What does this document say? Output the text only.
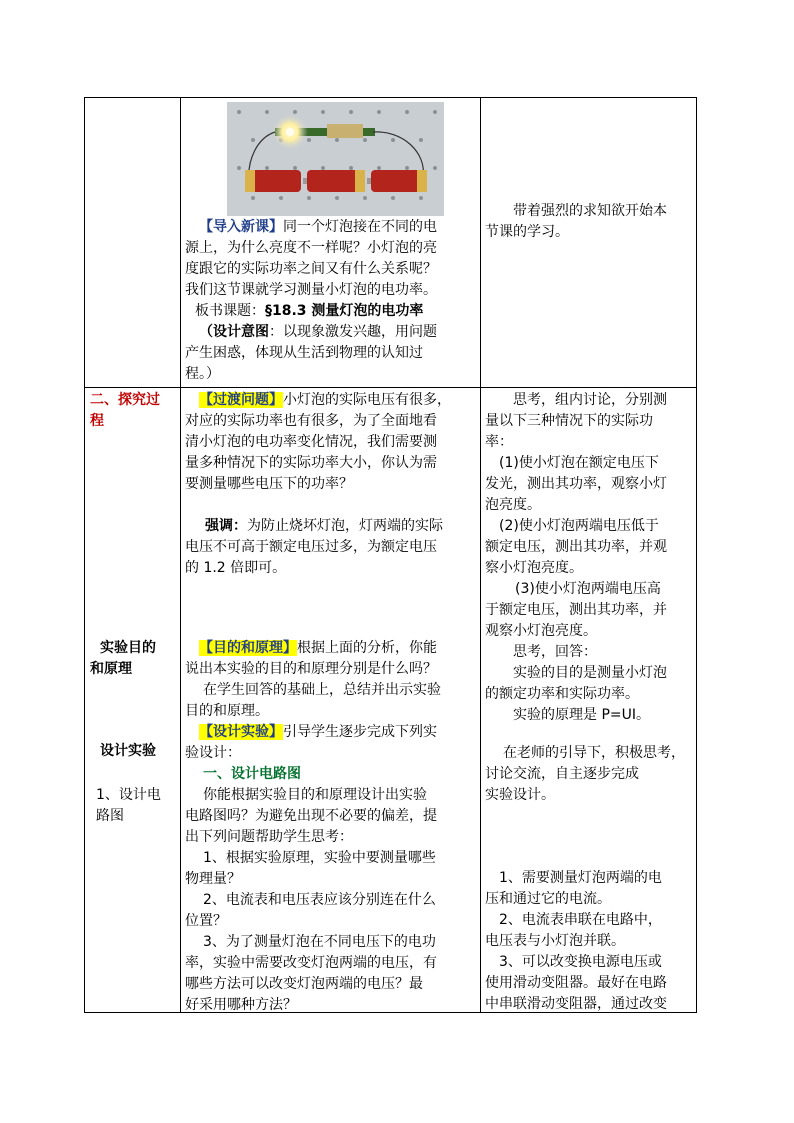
【导入新课】同一个灯泡接在不同的电

源上，为什么亮度不一样呢？小灯泡的亮

度跟它的实际功率之间又有什么关系呢？

我们这节课就学习测量小灯泡的电功率。

板书课题：§18.3 测量灯泡的电功率

（设计意图：以现象激发兴趣，用问题

产生困惑，体现从生活到物理的认知过

程。）

带着强烈的求知欲开始本

节课的学习。

二、探究过

程

实验目的

和原理

设计实验

1、设计电

路图

【过渡问题】小灯泡的实际电压有很多，

对应的实际功率也有很多，为了全面地看

清小灯泡的电功率变化情况，我们需要测

量多种情况下的实际功率大小，你认为需

要测量哪些电压下的功率？

强调：为防止烧坏灯泡，灯两端的实际

电压不可高于额定电压过多，为额定电压

的 1.2 倍即可。

【目的和原理】根据上面的分析，你能

说出本实验的目的和原理分别是什么吗？

在学生回答的基础上，总结并出示实验

目的和原理。

【设计实验】引导学生逐步完成下列实

验设计：

一、设计电路图

你能根据实验目的和原理设计出实验

电路图吗？为避免出现不必要的偏差，提

出下列问题帮助学生思考：

1、根据实验原理，实验中要测量哪些

物理量？

2、电流表和电压表应该分别连在什么

位置？

3、为了测量灯泡在不同电压下的电功

率，实验中需要改变灯泡两端的电压，有

哪些方法可以改变灯泡两端的电压？最

好采用哪种方法？

思考，组内讨论，分别测

量以下三种情况下的实际功

率：

(1)使小灯泡在额定电压下

发光，测出其功率，观察小灯

泡亮度。

(2)使小灯泡两端电压低于

额定电压，测出其功率，并观

察小灯泡亮度。

(3)使小灯泡两端电压高

于额定电压，测出其功率，并

观察小灯泡亮度。

思考，回答：

实验的目的是测量小灯泡

的额定功率和实际功率。

实验的原理是 P=UI。

在老师的引导下，积极思考，

讨论交流，自主逐步完成

实验设计。

1、需要测量灯泡两端的电

压和通过它的电流。

2、电流表串联在电路中，

电压表与小灯泡并联。

3、可以改变换电源电压或

使用滑动变阻器。最好在电路

中串联滑动变阻器，通过改变
